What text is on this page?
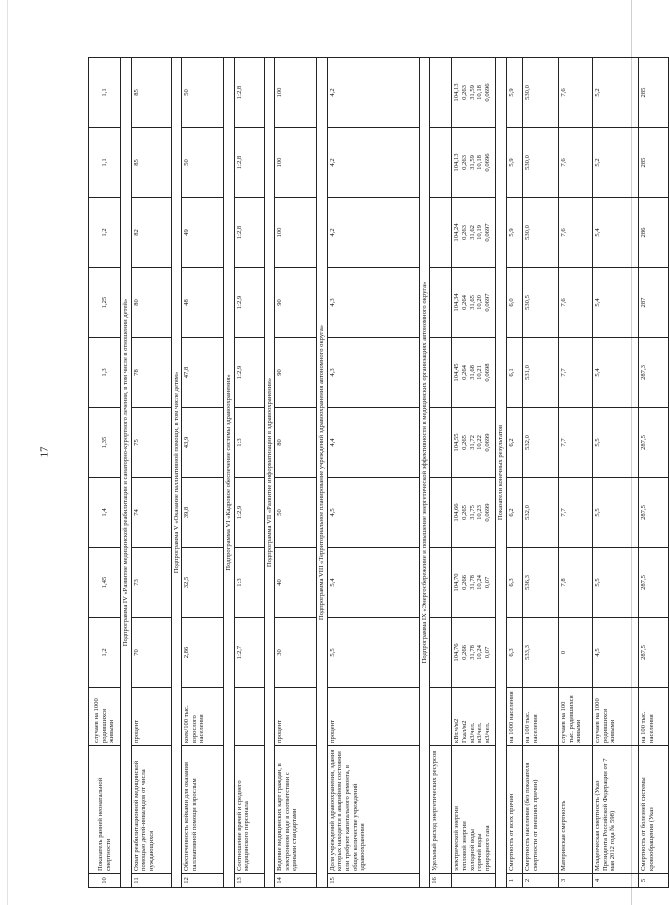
17
10	Показатель ранней неонатальной смертности	случаев на 1000 родившихся живыми	1,2	1,45	1,4	1,35	1,3	1,25	1,2	1,1	1,1
Подпрограмма IV «Развитие медицинской реабилитации и санаторно-курортного лечения, в том числе в отношении детей»											
11	Охват реабилитационной медицинской помощью детей-инвалидов от числа нуждающихся	процент	70	73	74	75	78	80	82	85	85
Подпрограмма V «Оказание паллиативной помощи, в том числе детям»											
12	Обеспеченность койками для оказания паллиативной помощи взрослым	коек/100 тыс. взрослого населения	2,86	32,5	39,8	43,9	47,8	48	49	50	50
Подпрограмма VI «Кадровое обеспечение системы здравоохранения»											
13	Соотношение врачей и среднего медицинского персонала		1:2,7	1:3	1:2,9	1:3	1:2,9	1:2,9	1:2,8	1:2,8	1:2,8
Подпрограмма VII «Развитие информатизации в здравоохранении»											
14	Ведение медицинских карт граждан, в электронном виде в соответствии с едиными стандартами	процент	30	40	50	80	90	90	100	100	100
Подпрограмма VIII «Территориальное планирование учреждений здравоохранения автономного округа»											
15	Доля учреждений здравоохранения, здания которых находятся в аварийном состоянии или требуют капитального ремонта, в общем количестве учреждений здравоохранения	процент	5,5	5,4	4,5	4,4	4,3	4,3	4,2	4,2	4,2
Подпрограмма IX «Энергосбережение и повышение энергетической эффективности в медицинских организациях автономного округа»											
16	Удельный расход энергетических ресурсов										

	электрической энергии тепловой энергии холодной воды горячей воды природного газа	кВт.ч/м2 Гкал/м2 м3/чел. м3/чел. м3/чел.	104,76 0,266 31,78 10,24 0,07	104,70 0,266 31,78 10,24 0,07	104,66 0,265 31,75 10,23 0,0699	104,55 0,265 31,72 10,22 0,0699	104,45 0,264 31,68 10,21 0,0698	104,34 0,264 31,65 10,20 0,0697	104,24 0,263 31,62 10,19 0,0697	104,13 0,263 31,59 10,18 0,0696	104,13 0,263 31,59 10,18 0,0696

Показатели конечных результатов											
1	Смертность от всех причин	на 1000 населения	6,3	6,3	6,2	6,2	6,1	6,0	5,9	5,9	5,9
2	Смертность населения (без показателя смертности от внешних причин)	на 100 тыс. населения	533,3	536,3	532,0	532,0	531,0	530,5	530,0	530,0	530,0
3	Материнская смертность	случаев на 100 тыс. родившихся живыми	0	7,8	7,7	7,7	7,7	7,6	7,6	7,6	7,6
4	Младенческая смертность (Указ Президента Российской Федерации от 7 мая 2012 года № 598)	случаев на 1000 родившихся живыми	4,5	5,5	5,5	5,5	5,4	5,4	5,4	5,2	5,2
5	Смертность от болезней системы кровообращения (Указ	на 100 тыс. населения	287,5	287,5	287,5	287,5	287,3	287	286	285	285
